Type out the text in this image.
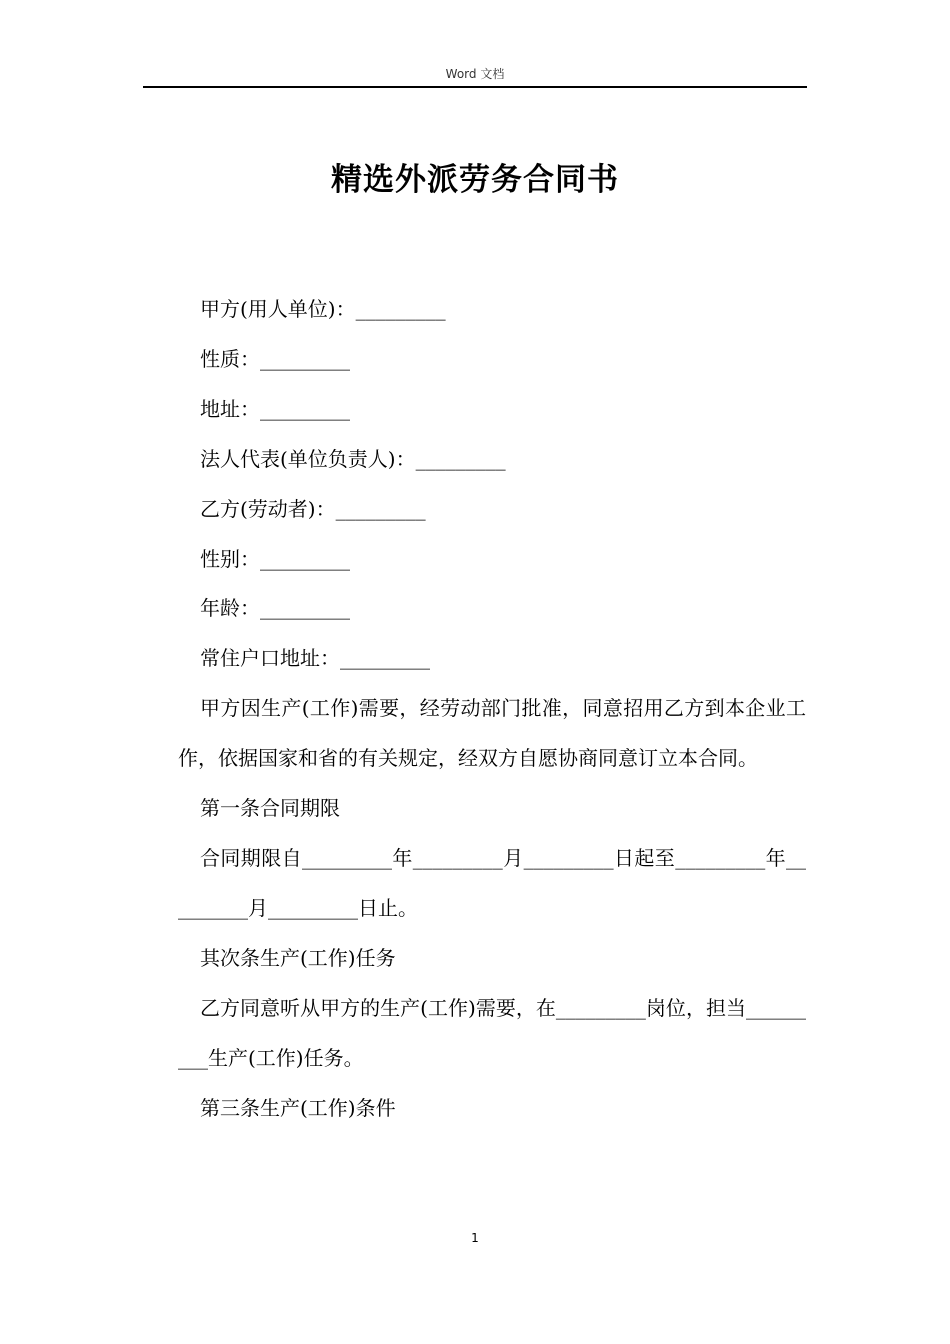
Word 文档
精选外派劳务合同书

甲方(用人单位)：_________

性质：_________

地址：_________

法人代表(单位负责人)：_________

乙方(劳动者)：_________

性别：_________

年龄：_________

常住户口地址：_________

甲方因生产(工作)需要，经劳动部门批准，同意招用乙方到本企业工作，依据国家和省的有关规定，经双方自愿协商同意订立本合同。

第一条合同期限

合同期限自_________年_________月_________日起至_________年_________月_________日止。

其次条生产(工作)任务

乙方同意听从甲方的生产(工作)需要，在_________岗位，担当_________生产(工作)任务。

第三条生产(工作)条件

1
